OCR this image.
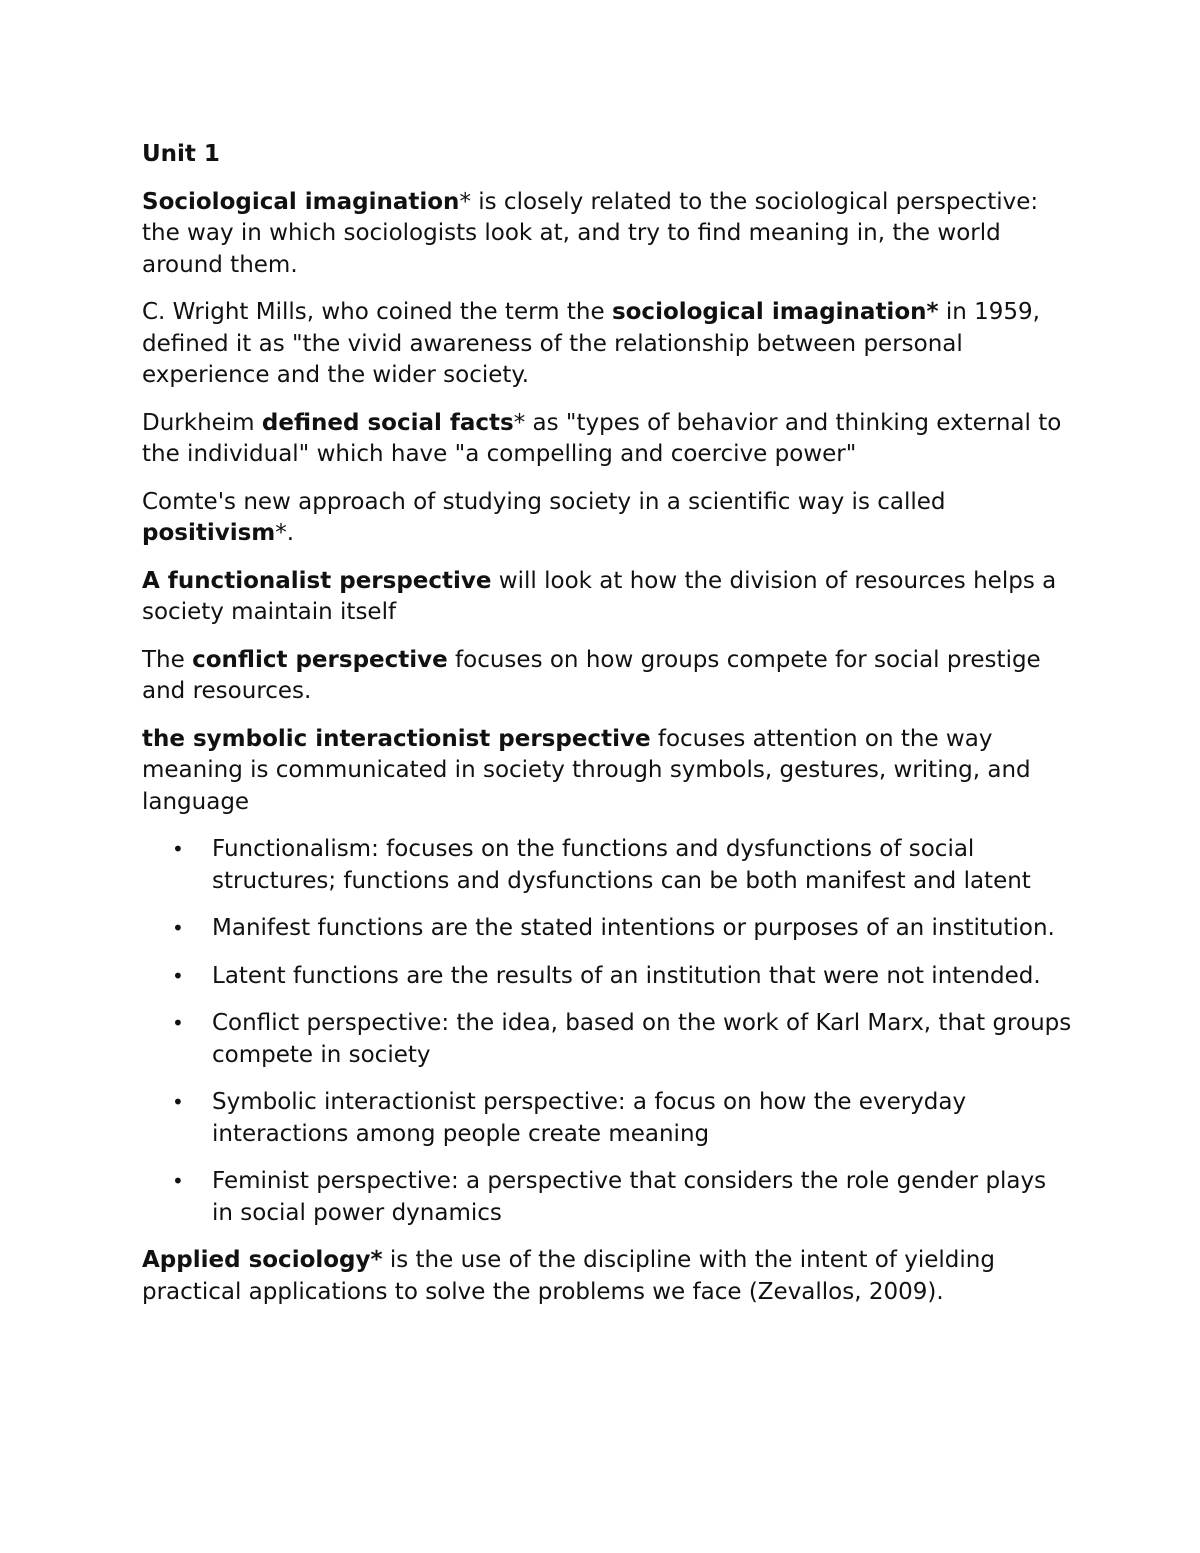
Unit 1

Sociological imagination* is closely related to the sociological perspective: the way in which sociologists look at, and try to find meaning in, the world around them.

C. Wright Mills, who coined the term the sociological imagination* in 1959, defined it as "the vivid awareness of the relationship between personal experience and the wider society.

Durkheim defined social facts* as "types of behavior and thinking external to the individual" which have "a compelling and coercive power"

Comte's new approach of studying society in a scientific way is called positivism*.

A functionalist perspective will look at how the division of resources helps a society maintain itself

The conflict perspective focuses on how groups compete for social prestige and resources.

the symbolic interactionist perspective focuses attention on the way meaning is communicated in society through symbols, gestures, writing, and language

• Functionalism: focuses on the functions and dysfunctions of social structures; functions and dysfunctions can be both manifest and latent
• Manifest functions are the stated intentions or purposes of an institution.
• Latent functions are the results of an institution that were not intended.
• Conflict perspective: the idea, based on the work of Karl Marx, that groups compete in society
• Symbolic interactionist perspective: a focus on how the everyday interactions among people create meaning
• Feminist perspective: a perspective that considers the role gender plays in social power dynamics

Applied sociology* is the use of the discipline with the intent of yielding practical applications to solve the problems we face (Zevallos, 2009).
